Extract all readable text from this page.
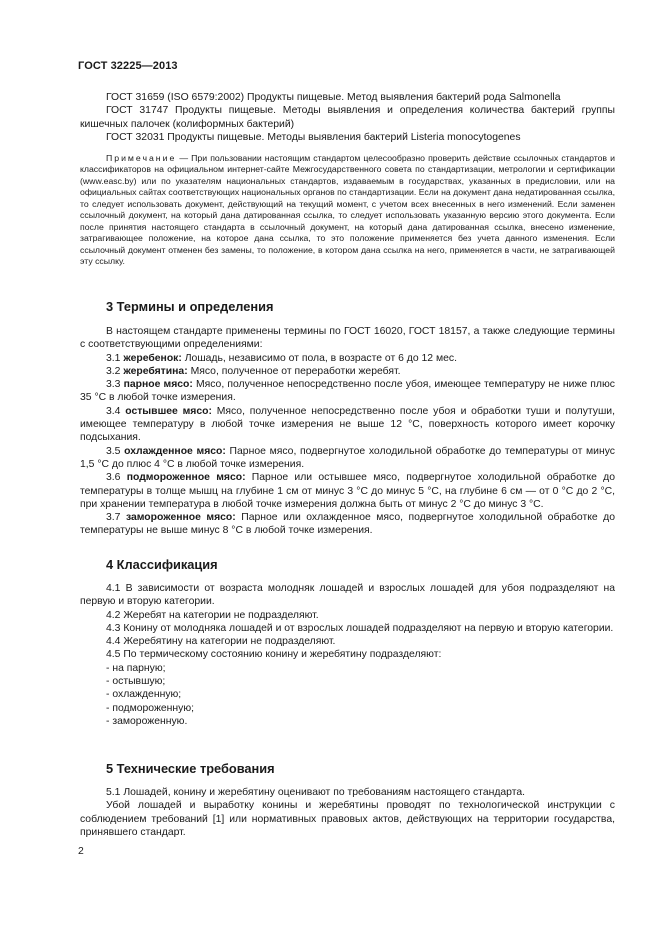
ГОСТ 32225—2013

ГОСТ 31659 (ISO 6579:2002) Продукты пищевые. Метод выявления бактерий рода Salmonella

ГОСТ 31747 Продукты пищевые. Методы выявления и определения количества бактерий группы кишечных палочек (колиформных бактерий)

ГОСТ 32031 Продукты пищевые. Методы выявления бактерий Listeria monocytogenes

Примечание — При пользовании настоящим стандартом целесообразно проверить действие ссылочных стандартов и классификаторов на официальном интернет-сайте Межгосударственного совета по стандартизации, метрологии и сертификации (www.easc.by) или по указателям национальных стандартов, издаваемым в государствах, указанных в предисловии, или на официальных сайтах соответствующих национальных органов по стандартизации. Если на документ дана недатированная ссылка, то следует использовать документ, действующий на текущий момент, с учетом всех внесенных в него изменений. Если заменен ссылочный документ, на который дана датированная ссылка, то следует использовать указанную версию этого документа. Если после принятия настоящего стандарта в ссылочный документ, на который дана датированная ссылка, внесено изменение, затрагивающее положение, на которое дана ссылка, то это положение применяется без учета данного изменения. Если ссылочный документ отменен без замены, то положение, в котором дана ссылка на него, применяется в части, не затрагивающей эту ссылку.

3 Термины и определения

В настоящем стандарте применены термины по ГОСТ 16020, ГОСТ 18157, а также следующие термины с соответствующими определениями:

3.1 жеребенок: Лошадь, независимо от пола, в возрасте от 6 до 12 мес.

3.2 жеребятина: Мясо, полученное от переработки жеребят.

3.3 парное мясо: Мясо, полученное непосредственно после убоя, имеющее температуру не ниже плюс 35 °С в любой точке измерения.

3.4 остывшее мясо: Мясо, полученное непосредственно после убоя и обработки туши и полутуши, имеющее температуру в любой точке измерения не выше 12 °С, поверхность которого имеет корочку подсыхания.

3.5 охлажденное мясо: Парное мясо, подвергнутое холодильной обработке до температуры от минус 1,5 °С до плюс 4 °С в любой точке измерения.

3.6 подмороженное мясо: Парное или остывшее мясо, подвергнутое холодильной обработке до температуры в толще мышц на глубине 1 см от минус 3 °С до минус 5 °С, на глубине 6 см — от 0 °С до 2 °С, при хранении температура в любой точке измерения должна быть от минус 2 °С до минус 3 °С.

3.7 замороженное мясо: Парное или охлажденное мясо, подвергнутое холодильной обработке до температуры не выше минус 8 °С в любой точке измерения.

4 Классификация

4.1 В зависимости от возраста молодняк лошадей и взрослых лошадей для убоя подразделяют на первую и вторую категории.

4.2 Жеребят на категории не подразделяют.

4.3 Конину от молодняка лошадей и от взрослых лошадей подразделяют на первую и вторую категории.

4.4 Жеребятину на категории не подразделяют.

4.5 По термическому состоянию конину и жеребятину подразделяют:

- на парную;

- остывшую;

- охлажденную;

- подмороженную;

- замороженную.

5 Технические требования

5.1 Лошадей, конину и жеребятину оценивают по требованиям настоящего стандарта.

Убой лошадей и выработку конины и жеребятины проводят по технологической инструкции с соблюдением требований [1] или нормативных правовых актов, действующих на территории государства, принявшего стандарт.

2
